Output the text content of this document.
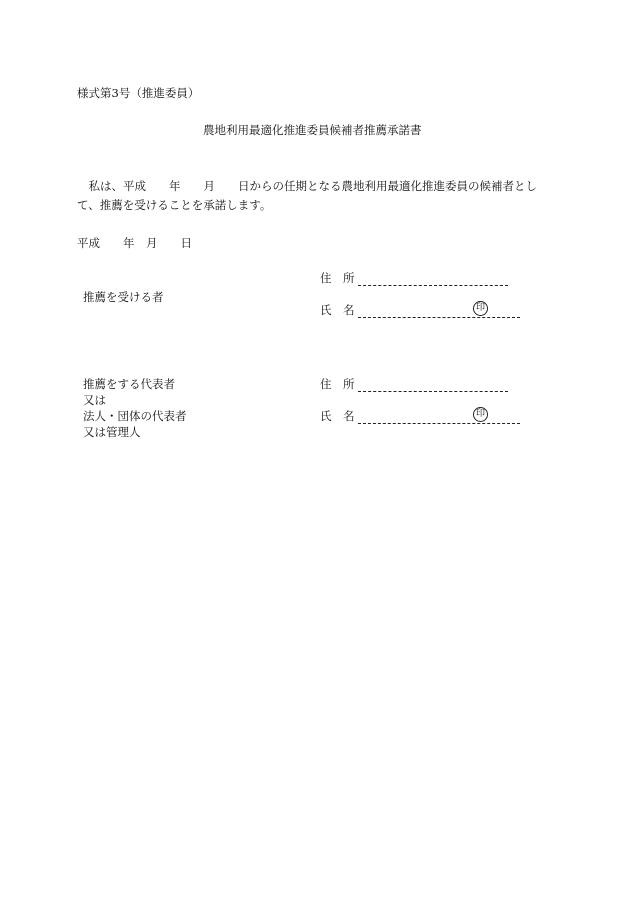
様式第3号（推進委員）
農地利用最適化推進委員候補者推薦承諾書
　私は、平成　　年　　月　　日からの任期となる農地利用最適化推進委員の候補者とし
て、推薦を受けることを承諾します。
平成　　年　月　　日
推薦を受ける者
住　所
氏　名	印
推薦をする代表者
又は
法人・団体の代表者
又は管理人
住　所
氏　名	印
